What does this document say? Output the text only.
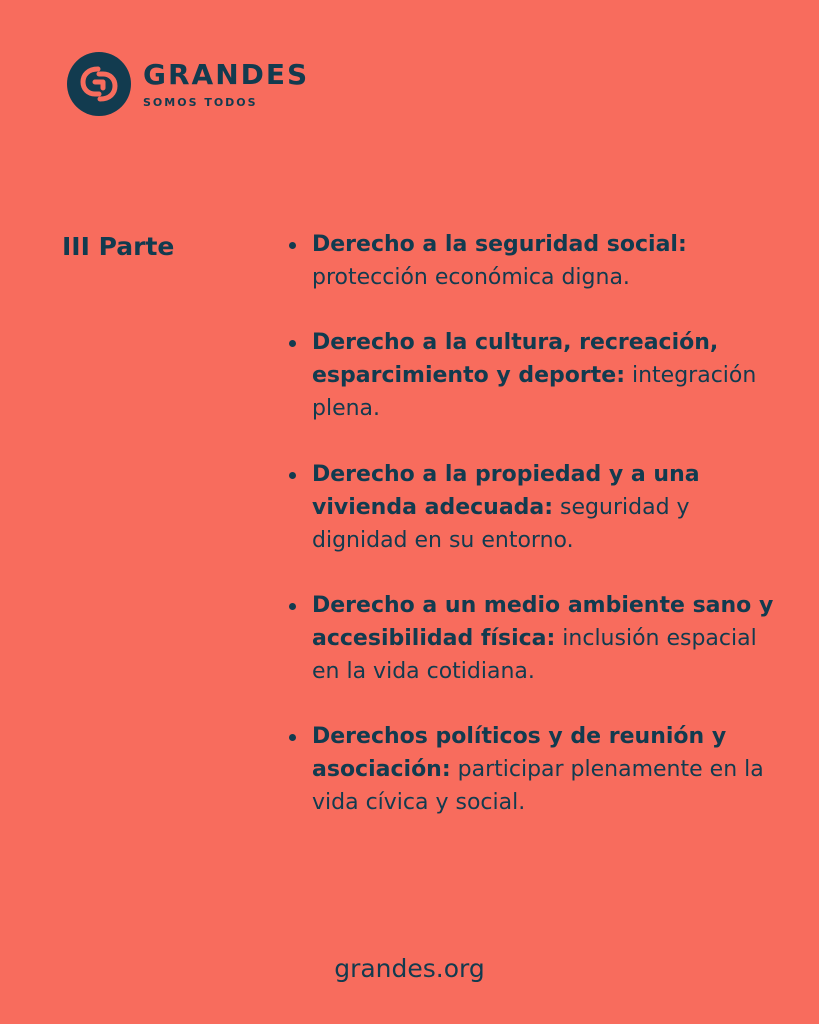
GRANDES
SOMOS TODOS
III Parte	Derecho a la seguridad social: protección económica digna.
Derecho a la cultura, recreación, esparcimiento y deporte: integración plena.
Derecho a la propiedad y a una vivienda adecuada: seguridad y dignidad en su entorno.
Derecho a un medio ambiente sano y accesibilidad física: inclusión espacial en la vida cotidiana.
Derechos políticos y de reunión y asociación: participar plenamente en la vida cívica y social.
grandes.org
